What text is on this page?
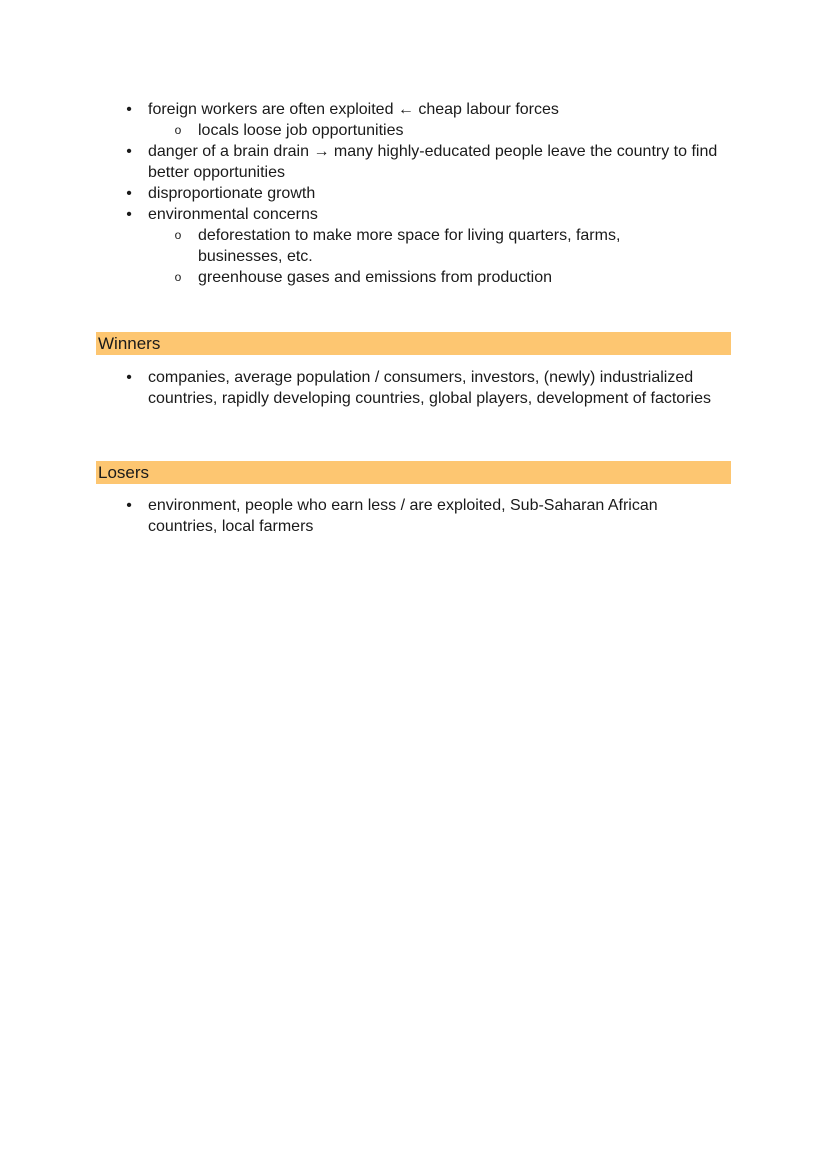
• foreign workers are often exploited ← cheap labour forces
o locals loose job opportunities
• danger of a brain drain → many highly-educated people leave the country to find better opportunities
• disproportionate growth
• environmental concerns
o deforestation to make more space for living quarters, farms, businesses, etc.
o greenhouse gases and emissions from production
Winners
• companies, average population / consumers, investors, (newly) industrialized countries, rapidly developing countries, global players, development of factories
Losers
• environment, people who earn less / are exploited, Sub-Saharan African countries, local farmers
